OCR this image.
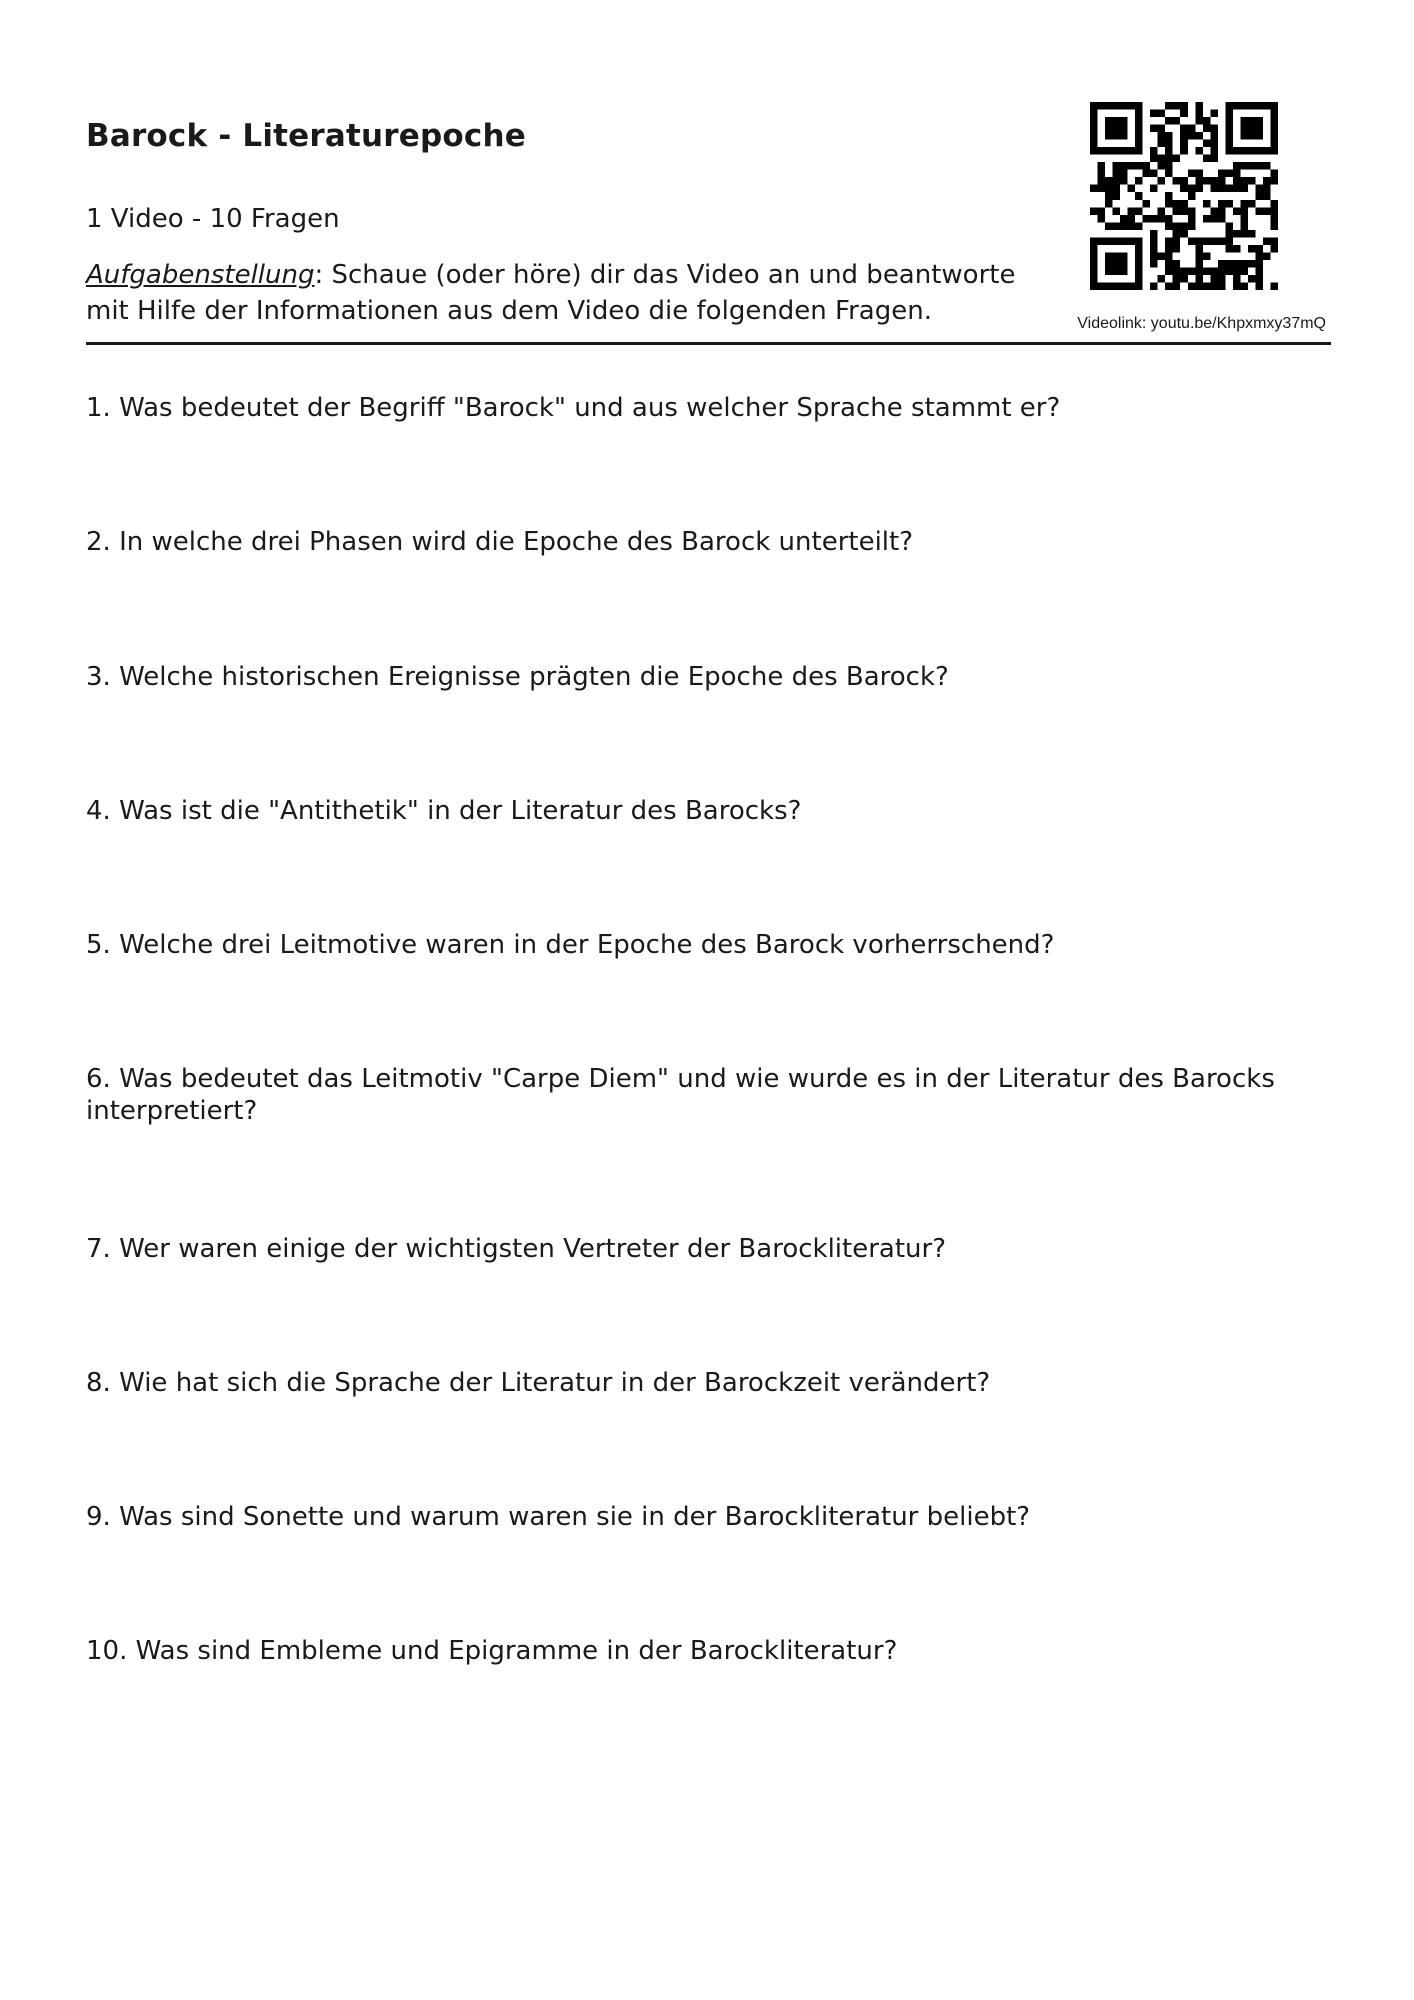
Barock - Literaturepoche
1 Video - 10 Fragen
Aufgabenstellung: Schaue (oder höre) dir das Video an und beantworte mit Hilfe der Informationen aus dem Video die folgenden Fragen.	Videolink: youtu.be/Khpxmxy37mQ
1. Was bedeutet der Begriff "Barock" und aus welcher Sprache stammt er?
2. In welche drei Phasen wird die Epoche des Barock unterteilt?
3. Welche historischen Ereignisse prägten die Epoche des Barock?
4. Was ist die "Antithetik" in der Literatur des Barocks?
5. Welche drei Leitmotive waren in der Epoche des Barock vorherrschend?
6. Was bedeutet das Leitmotiv "Carpe Diem" und wie wurde es in der Literatur des Barocks interpretiert?
7. Wer waren einige der wichtigsten Vertreter der Barockliteratur?
8. Wie hat sich die Sprache der Literatur in der Barockzeit verändert?
9. Was sind Sonette und warum waren sie in der Barockliteratur beliebt?
10. Was sind Embleme und Epigramme in der Barockliteratur?
